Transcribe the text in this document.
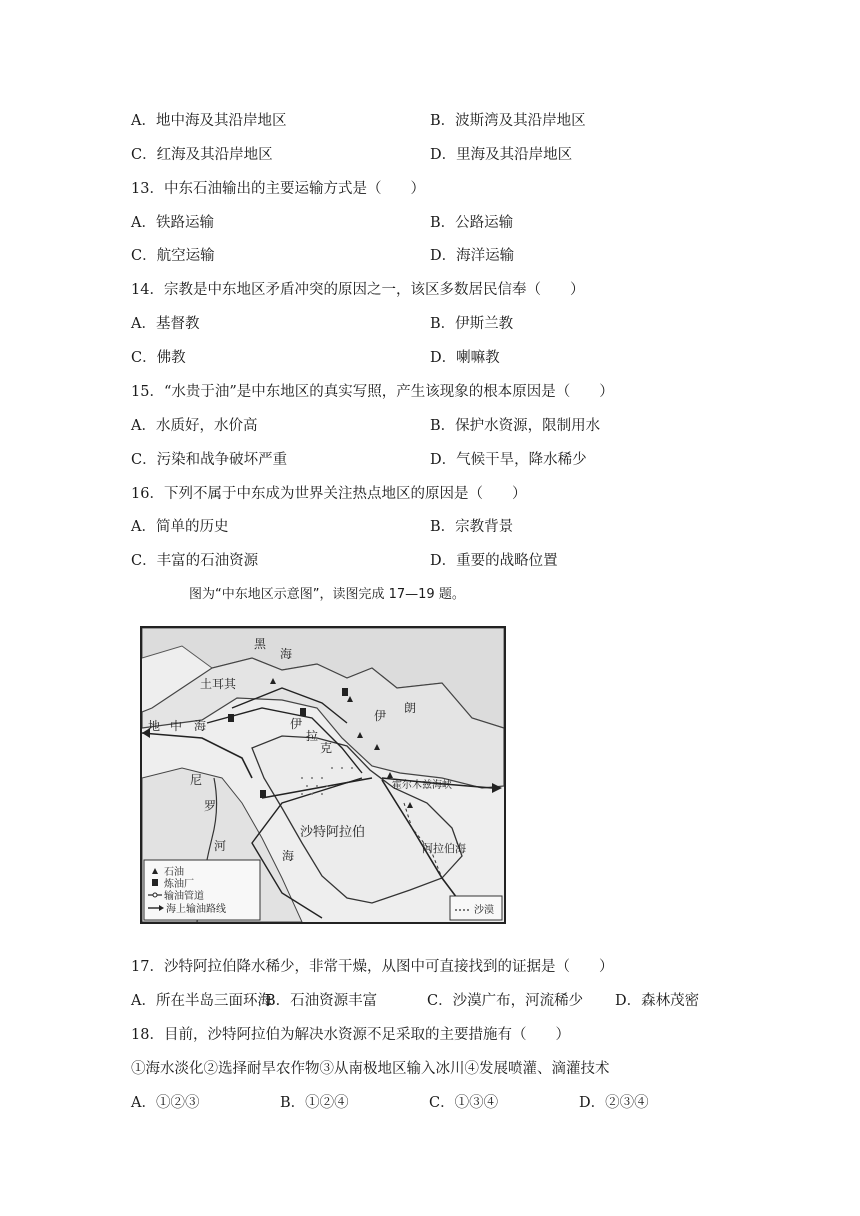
A．地中海及其沿岸地区	B．波斯湾及其沿岸地区
C．红海及其沿岸地区	D．里海及其沿岸地区
13．中东石油输出的主要运输方式是（　　）
A．铁路运输	B．公路运输
C．航空运输	D．海洋运输
14．宗教是中东地区矛盾冲突的原因之一，该区多数居民信奉（　　）
A．基督教	B．伊斯兰教
C．佛教	D．喇嘛教
15．“水贵于油”是中东地区的真实写照，产生该现象的根本原因是（　　）
A．水质好，水价高	B．保护水资源，限制用水
C．污染和战争破坏严重	D．气候干旱，降水稀少
16．下列不属于中东成为世界关注热点地区的原因是（　　）
A．简单的历史	B．宗教背景
C．丰富的石油资源	D．重要的战略位置
图为“中东地区示意图”，读图完成 17—19 题。
黑
海
土耳其
地 中 海	伊
拉
克
伊
朗
霍尔木兹海峡
沙特阿拉伯
尼
罗
河
海
阿拉伯海
石油
炼油厂
输油管道
海上输油路线	沙漠
17．沙特阿拉伯降水稀少，非常干燥，从图中可直接找到的证据是（　　）
A．所在半岛三面环海
B．石油资源丰富	C．沙漠广布，河流稀少 D．森林茂密
18．目前，沙特阿拉伯为解决水资源不足采取的主要措施有（　　）
①海水淡化②选择耐旱农作物③从南极地区输入冰川④发展喷灌、滴灌技术
A．①②③	B．①②④	C．①③④	D．②③④
